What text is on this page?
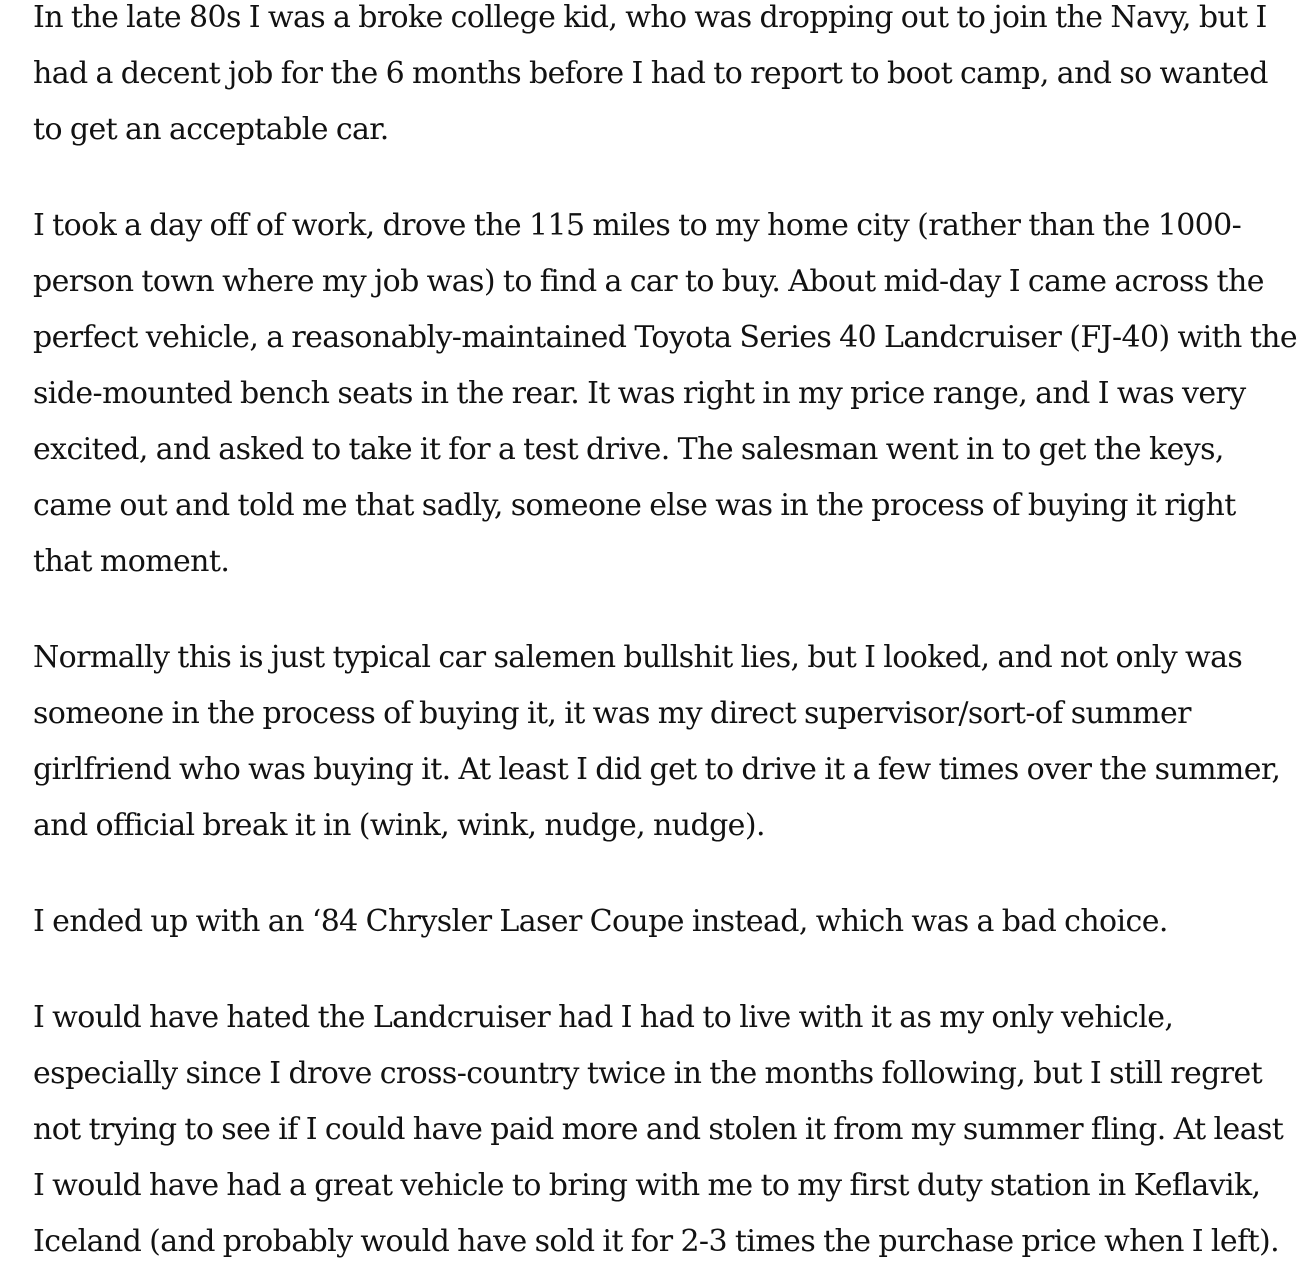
In the late 80s I was a broke college kid, who was dropping out to join the Navy, but I had a decent job for the 6 months before I had to report to boot camp, and so wanted to get an acceptable car.

I took a day off of work, drove the 115 miles to my home city (rather than the 1000-person town where my job was) to find a car to buy. About mid-day I came across the perfect vehicle, a reasonably-maintained Toyota Series 40 Landcruiser (FJ-40) with the side-mounted bench seats in the rear. It was right in my price range, and I was very excited, and asked to take it for a test drive. The salesman went in to get the keys, came out and told me that sadly, someone else was in the process of buying it right that moment.

Normally this is just typical car salemen bullshit lies, but I looked, and not only was someone in the process of buying it, it was my direct supervisor/sort-of summer girlfriend who was buying it. At least I did get to drive it a few times over the summer, and official break it in (wink, wink, nudge, nudge).

I ended up with an ‘84 Chrysler Laser Coupe instead, which was a bad choice.

I would have hated the Landcruiser had I had to live with it as my only vehicle, especially since I drove cross-country twice in the months following, but I still regret not trying to see if I could have paid more and stolen it from my summer fling. At least I would have had a great vehicle to bring with me to my first duty station in Keflavik, Iceland (and probably would have sold it for 2-3 times the purchase price when I left).
